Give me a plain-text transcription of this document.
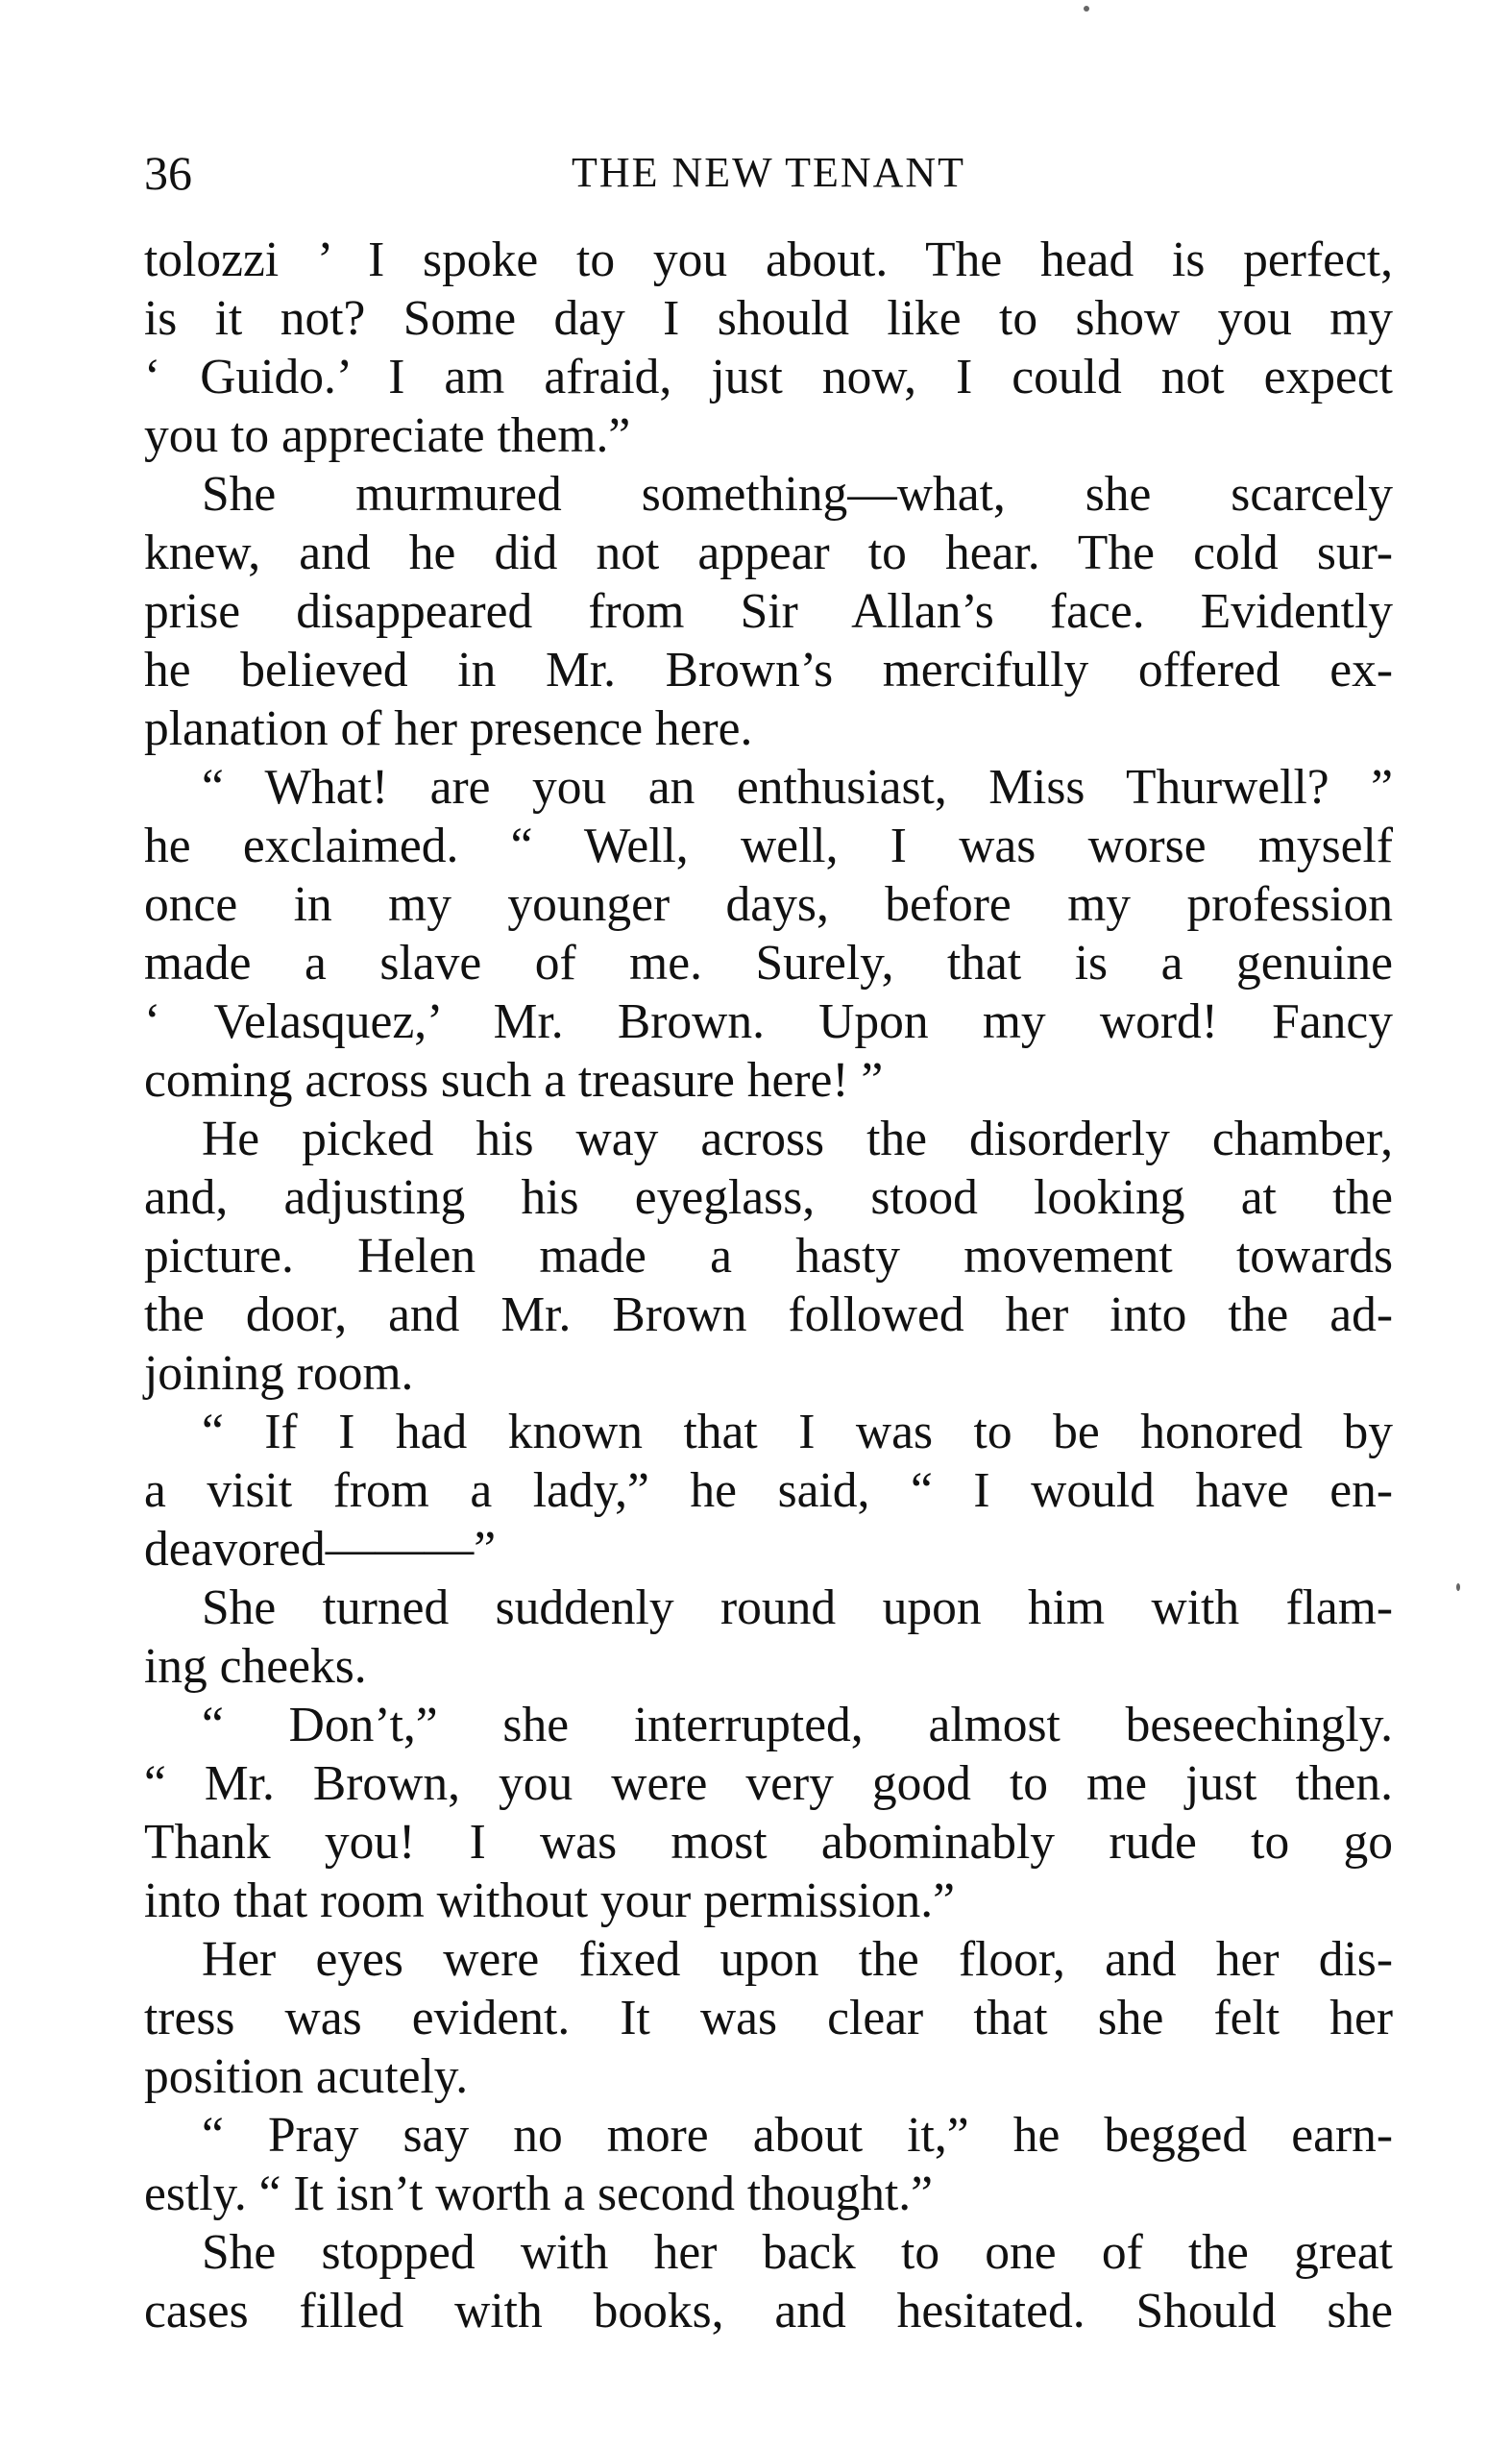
36	THE NEW TENANT
tolozzi ’ I spoke to you about. The head is perfect,
is it not? Some day I should like to show you my
‘ Guido.’ I am afraid, just now, I could not expect
you to appreciate them.”
She murmured something—what, she scarcely
knew, and he did not appear to hear. The cold sur-
prise disappeared from Sir Allan’s face. Evidently
he believed in Mr. Brown’s mercifully offered ex-
planation of her presence here.
“ What! are you an enthusiast, Miss Thurwell? ”
he exclaimed. “ Well, well, I was worse myself
once in my younger days, before my profession
made a slave of me. Surely, that is a genuine
‘ Velasquez,’ Mr. Brown. Upon my word! Fancy
coming across such a treasure here! ”
He picked his way across the disorderly chamber,
and, adjusting his eyeglass, stood looking at the
picture. Helen made a hasty movement towards
the door, and Mr. Brown followed her into the ad-
joining room.
“ If I had known that I was to be honored by
a visit from a lady,” he said, “ I would have en-
deavored———”
She turned suddenly round upon him with flam-
ing cheeks.
“ Don’t,” she interrupted, almost beseechingly.
“ Mr. Brown, you were very good to me just then.
Thank you! I was most abominably rude to go
into that room without your permission.”
Her eyes were fixed upon the floor, and her dis-
tress was evident. It was clear that she felt her
position acutely.
“ Pray say no more about it,” he begged earn-
estly. “ It isn’t worth a second thought.”
She stopped with her back to one of the great
cases filled with books, and hesitated. Should she
